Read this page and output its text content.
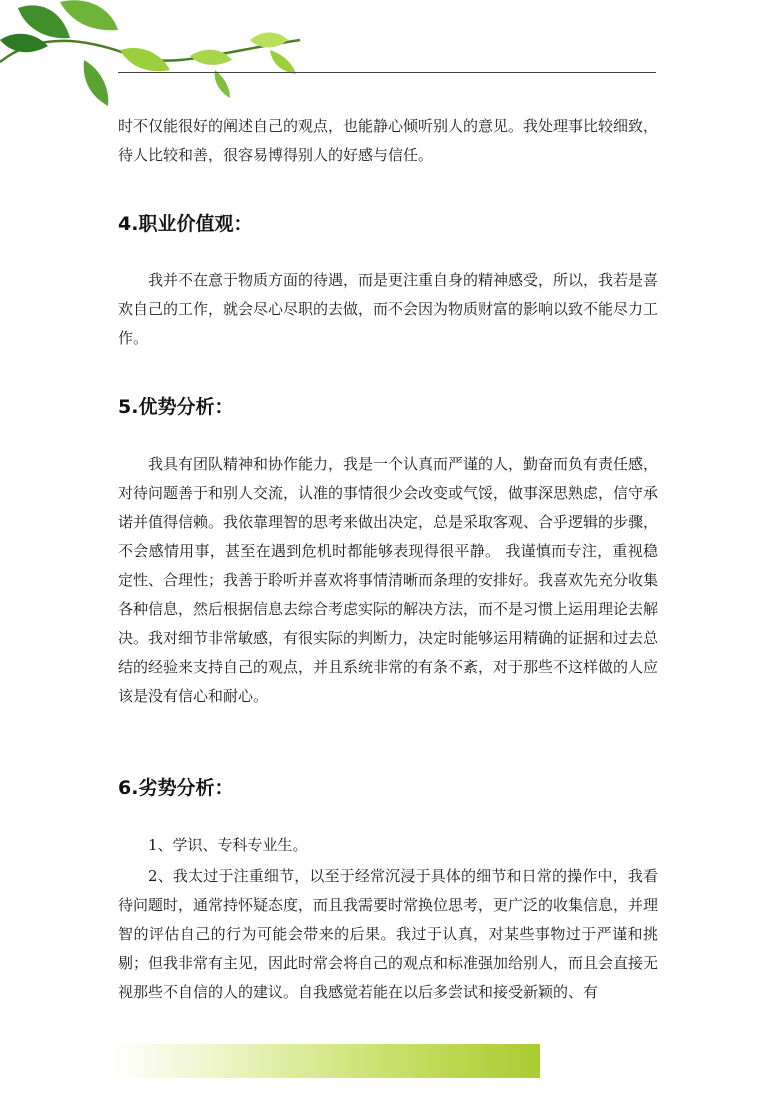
时不仅能很好的阐述自己的观点，也能静心倾听别人的意见。我处理事比较细致，待人比较和善，很容易博得别人的好感与信任。

4.职业价值观：

我并不在意于物质方面的待遇，而是更注重自身的精神感受，所以，我若是喜欢自己的工作，就会尽心尽职的去做，而不会因为物质财富的影响以致不能尽力工作。

5.优势分析：

我具有团队精神和协作能力，我是一个认真而严谨的人，勤奋而负有责任感，对待问题善于和别人交流，认准的事情很少会改变或气馁，做事深思熟虑，信守承诺并值得信赖。我依靠理智的思考来做出决定，总是采取客观、合乎逻辑的步骤，不会感情用事，甚至在遇到危机时都能够表现得很平静。 我谨慎而专注，重视稳定性、合理性；我善于聆听并喜欢将事情清晰而条理的安排好。我喜欢先充分收集各种信息，然后根据信息去综合考虑实际的解决方法，而不是习惯上运用理论去解决。我对细节非常敏感，有很实际的判断力，决定时能够运用精确的证据和过去总结的经验来支持自己的观点，并且系统非常的有条不紊，对于那些不这样做的人应该是没有信心和耐心。

6.劣势分析：

1、学识、专科专业生。

2、我太过于注重细节，以至于经常沉浸于具体的细节和日常的操作中，我看待问题时，通常持怀疑态度，而且我需要时常换位思考，更广泛的收集信息，并理智的评估自己的行为可能会带来的后果。我过于认真，对某些事物过于严谨和挑剔；但我非常有主见，因此时常会将自己的观点和标准强加给别人，而且会直接无视那些不自信的人的建议。自我感觉若能在以后多尝试和接受新颖的、有
